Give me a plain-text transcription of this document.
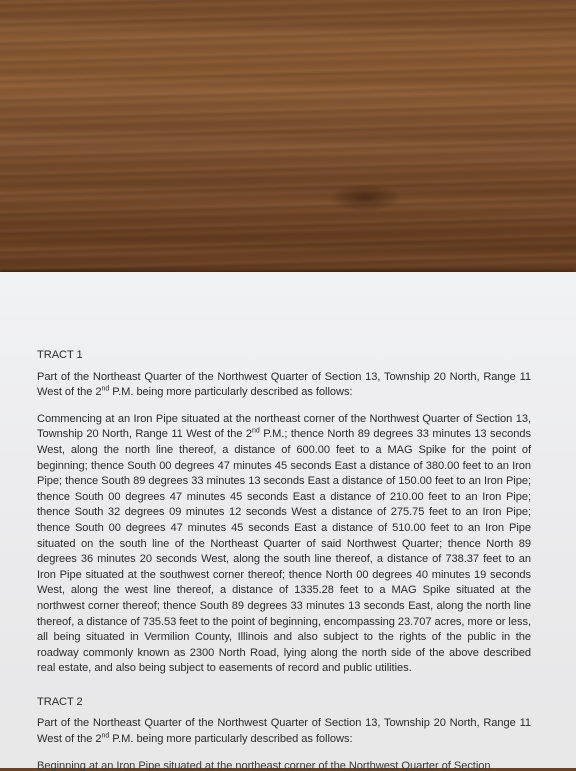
TRACT 1

Part of the Northeast Quarter of the Northwest Quarter of Section 13, Township 20 North, Range 11 West of the 2nd P.M. being more particularly described as follows:

Commencing at an Iron Pipe situated at the northeast corner of the Northwest Quarter of Section 13, Township 20 North, Range 11 West of the 2nd P.M.; thence North 89 degrees 33 minutes 13 seconds West, along the north line thereof, a distance of 600.00 feet to a MAG Spike for the point of beginning; thence South 00 degrees 47 minutes 45 seconds East a distance of 380.00 feet to an Iron Pipe; thence South 89 degrees 33 minutes 13 seconds East a distance of 150.00 feet to an Iron Pipe; thence South 00 degrees 47 minutes 45 seconds East a distance of 210.00 feet to an Iron Pipe; thence South 32 degrees 09 minutes 12 seconds West a distance of 275.75 feet to an Iron Pipe; thence South 00 degrees 47 minutes 45 seconds East a distance of 510.00 feet to an Iron Pipe situated on the south line of the Northeast Quarter of said Northwest Quarter; thence North 89 degrees 36 minutes 20 seconds West, along the south line thereof, a distance of 738.37 feet to an Iron Pipe situated at the southwest corner thereof; thence North 00 degrees 40 minutes 19 seconds West, along the west line thereof, a distance of 1335.28 feet to a MAG Spike situated at the northwest corner thereof; thence South 89 degrees 33 minutes 13 seconds East, along the north line thereof, a distance of 735.53 feet to the point of beginning, encompassing 23.707 acres, more or less, all being situated in Vermilion County, Illinois and also subject to the rights of the public in the roadway commonly known as 2300 North Road, lying along the north side of the above described real estate, and also being subject to easements of record and public utilities.

TRACT 2

Part of the Northeast Quarter of the Northwest Quarter of Section 13, Township 20 North, Range 11 West of the 2nd P.M. being more particularly described as follows:

Beginning at an Iron Pipe situated at the northeast corner of the Northwest Quarter of Section
